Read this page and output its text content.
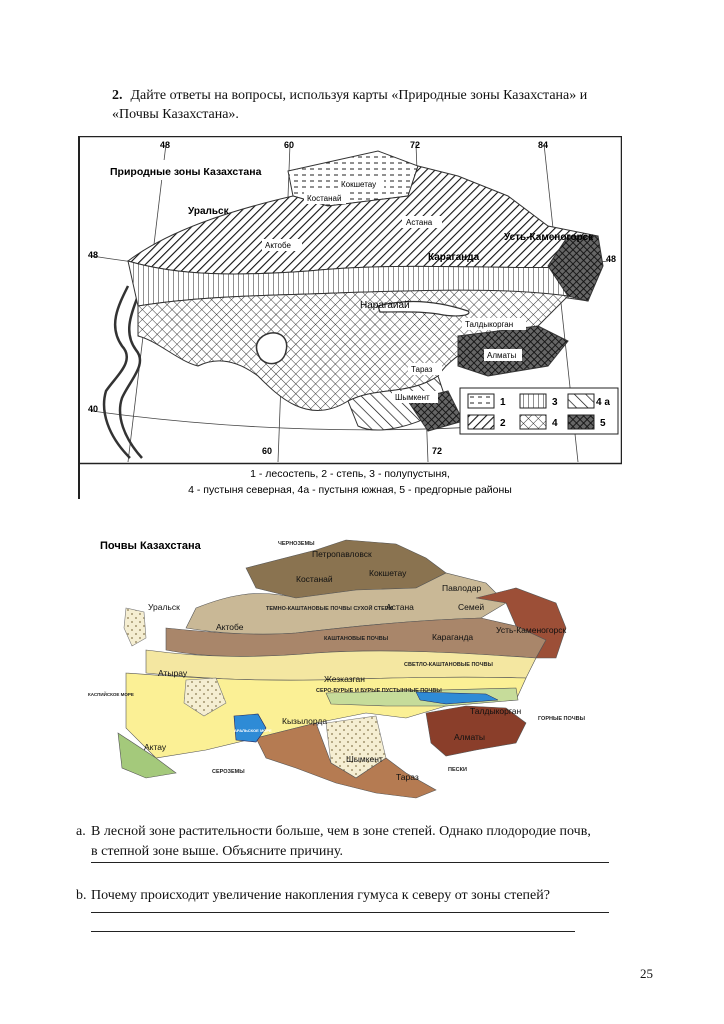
2. Дайте ответы на вопросы, используя карты «Природные зоны Казахстана» и «Почвы Казахстана».
Природные зоны Казахстана
48	60	72	84
48	48
40
60	72
Кокшетау
Костанай
Астана
Уральск
Актобе
Караганда
Усть-Каменогорск
Нарагаиай
Талдыкорган
Алматы
Тараз
Шымкент	1	3	4 а
2	4	5
1 - лесостепь, 2 - степь, 3 - полупустыня,
4 - пустыня северная, 4а - пустыня южная, 5 - предгорные районы
Почвы Казахстана	ЧЕРНОЗЕМЫ
ТЕМНО-КАШТАНОВЫЕ ПОЧВЫ СУХОЙ СТЕПИ
КАШТАНОВЫЕ ПОЧВЫ
СВЕТЛО-КАШТАНОВЫЕ ПОЧВЫ
СЕРО-БУРЫЕ И БУРЫЕ ПУСТЫННЫЕ ПОЧВЫ
ГОРНЫЕ ПОЧВЫ
СЕРОЗЕМЫ	ПЕСКИ
КАСПИЙСКОЕ МОРЕ
АРАЛЬСКОЕ МОРЕ
Петропавловск
Костанай
Кокшетау
Павлодар
Уральск
Актобе
Астана	Семей
Усть-Каменогорск
Караганда
Атырау
Жезказган
Актау
Кызылорда
Талдыкорган
Алматы
Шымкент
Тараз
a. В лесной зоне растительности больше, чем в зоне степей. Однако плодородие почв,
в степной зоне выше. Объясните причину.
b. Почему происходит увеличение накопления гумуса к северу от зоны степей?
25
